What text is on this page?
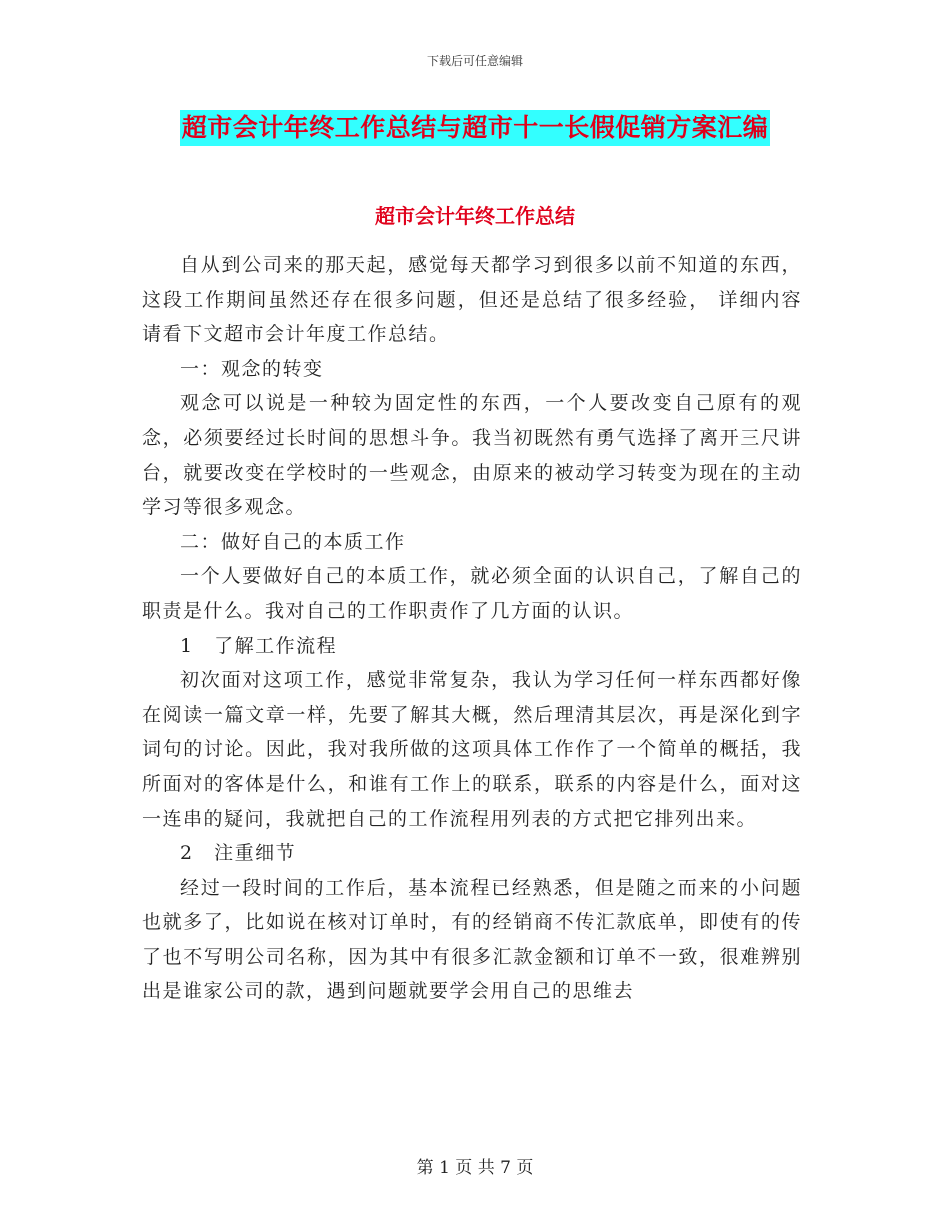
下载后可任意编辑
超市会计年终工作总结与超市十一长假促销方案汇编
超市会计年终工作总结

自从到公司来的那天起，感觉每天都学习到很多以前不知道的东西，这段工作期间虽然还存在很多问题，但还是总结了很多经验， 详细内容请看下文超市会计年度工作总结。

一：观念的转变

观念可以说是一种较为固定性的东西，一个人要改变自己原有的观念，必须要经过长时间的思想斗争。我当初既然有勇气选择了离开三尺讲台，就要改变在学校时的一些观念，由原来的被动学习转变为现在的主动学习等很多观念。

二：做好自己的本质工作

一个人要做好自己的本质工作，就必须全面的认识自己，了解自己的职责是什么。我对自己的工作职责作了几方面的认识。

1　了解工作流程

初次面对这项工作，感觉非常复杂，我认为学习任何一样东西都好像在阅读一篇文章一样，先要了解其大概，然后理清其层次，再是深化到字词句的讨论。因此，我对我所做的这项具体工作作了一个简单的概括，我所面对的客体是什么，和谁有工作上的联系，联系的内容是什么，面对这一连串的疑问，我就把自己的工作流程用列表的方式把它排列出来。

2　注重细节

经过一段时间的工作后，基本流程已经熟悉，但是随之而来的小问题也就多了，比如说在核对订单时，有的经销商不传汇款底单，即使有的传了也不写明公司名称，因为其中有很多汇款金额和订单不一致，很难辨别出是谁家公司的款，遇到问题就要学会用自己的思维去

第 1 页 共 7 页
